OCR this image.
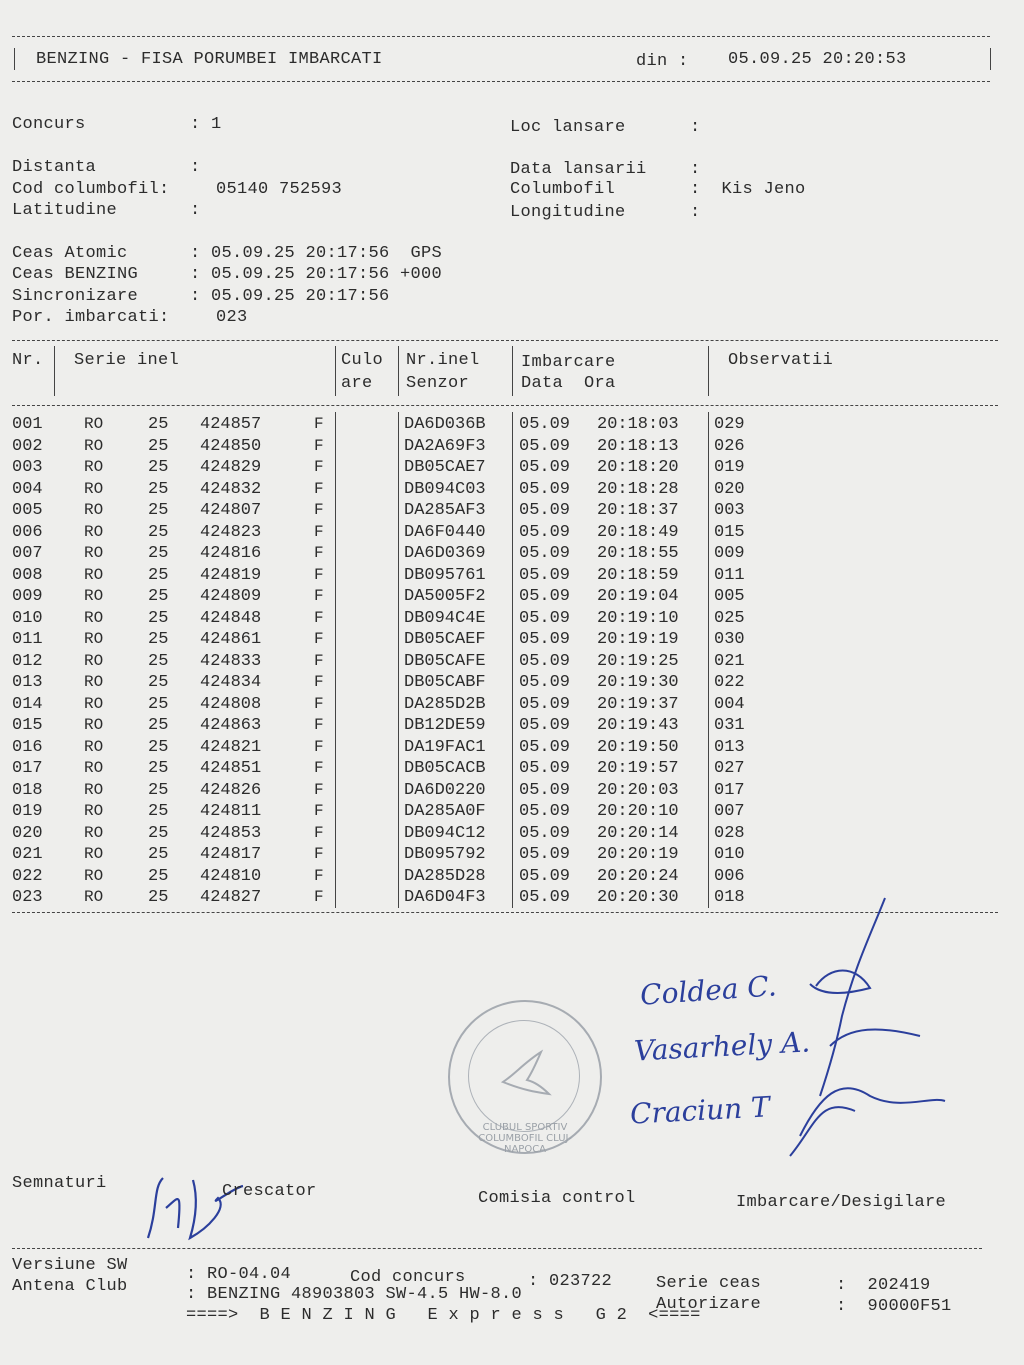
BENZING - FISA PORUMBEI IMBARCATI	din : 05.09.25 20:20:53
Concurs	: 1
Distanta	:
Cod columbofil:	05140 752593
Latitudine	:
Ceas Atomic	: 05.09.25 20:17:56  GPS
Ceas BENZING	: 05.09.25 20:17:56 +000
Sincronizare	: 05.09.25 20:17:56
Por. imbarcati:	023
Loc lansare	:
Data lansarii	:
Columbofil	:  Kis Jeno
Longitudine	:
Nr. Serie inel	Culo
are
Nr.inel
Senzor
Imbarcare
Data  Ora
Observatii
001	RO	25 424857	F	DA6D036B 05.09 20:18:03 029
002	RO	25 424850	F	DA2A69F3 05.09 20:18:13 026
003	RO	25 424829	F	DB05CAE7 05.09 20:18:20 019
004	RO	25 424832	F	DB094C03 05.09 20:18:28 020
005	RO	25 424807	F	DA285AF3 05.09 20:18:37 003
006	RO	25 424823	F	DA6F0440 05.09 20:18:49 015
007	RO	25 424816	F	DA6D0369 05.09 20:18:55 009
008	RO	25 424819	F	DB095761 05.09 20:18:59 011
009	RO	25 424809	F	DA5005F2 05.09 20:19:04 005
010	RO	25 424848	F	DB094C4E 05.09 20:19:10 025
011	RO	25 424861	F	DB05CAEF 05.09 20:19:19 030
012	RO	25 424833	F	DB05CAFE 05.09 20:19:25 021
013	RO	25 424834	F	DB05CABF 05.09 20:19:30 022
014	RO	25 424808	F	DA285D2B 05.09 20:19:37 004
015	RO	25 424863	F	DB12DE59 05.09 20:19:43 031
016	RO	25 424821	F	DA19FAC1 05.09 20:19:50 013
017	RO	25 424851	F	DB05CACB 05.09 20:19:57 027
018	RO	25 424826	F	DA6D0220 05.09 20:20:03 017
019	RO	25 424811	F	DA285A0F 05.09 20:20:10 007
020	RO	25 424853	F	DB094C12 05.09 20:20:14 028
021	RO	25 424817	F	DB095792 05.09 20:20:19 010
022	RO	25 424810	F	DA285D28 05.09 20:20:24 006
023	RO	25 424827	F	DA6D04F3 05.09 20:20:30 018
Coldea C.
Vasarhely A.
Craciun T
CLUBUL SPORTIV COLUMBOFIL CLUJ-NAPOCA
Semnaturi	Crescator	Comisia control	Imbarcare/Desigilare
Versiune SW	: RO-04.04	Cod concurs	: 023722	Serie ceas	:  202419
Antena Club	: BENZING 48903803 SW-4.5 HW-8.0
Autorizare	:  90000F51
====>  B E N Z I N G   E x p r e s s   G 2  <====
